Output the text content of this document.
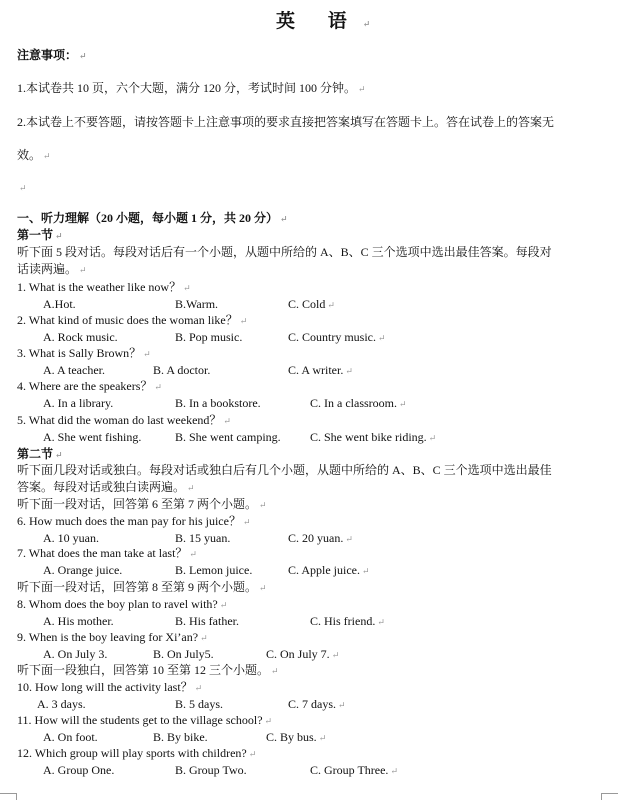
英 语 ↵
注意事项： ↵
1.本试卷共 10 页，六个大题，满分 120 分，考试时间 100 分钟。 ↵
2.本试卷上不要答题，请按答题卡上注意事项的要求直接把答案填写在答题卡上。答在试卷上的答案无
效。 ↵
↵
一、听力理解（20 小题，每小题 1 分，共 20 分） ↵
第一节 ↵
听下面 5 段对话。每段对话后有一个小题，从题中所给的 A、B、C 三个选项中选出最佳答案。每段对
话读两遍。 ↵
1. What is the weather like now？ ↵
A.Hot.	B.Warm.	C. Cold ↵
2. What kind of music does the woman like？ ↵
A. Rock music.	B. Pop music.	C. Country music. ↵
3. What is Sally Brown？ ↵
A. A teacher.	B. A doctor.	C. A writer. ↵
4. Where are the speakers？ ↵
A. In a library.	B. In a bookstore.	C. In a classroom. ↵
5. What did the woman do last weekend？ ↵
A. She went fishing.	B. She went camping. C. She went bike riding. ↵
6. How much does the man pay for his juice？ ↵
A. 10 yuan.	B. 15 yuan.	C. 20 yuan. ↵
7. What does the man take at last？ ↵
A. Orange juice.	B. Lemon juice.	C. Apple juice. ↵
8. Whom does the boy plan to ravel with? ↵
A. His mother.	B. His father.	C. His friend. ↵
9. When is the boy leaving for Xi’an? ↵
A. On July 3.	B. On July5.	C. On July 7. ↵
10. How long will the activity last？ ↵
A. 3 days.	B. 5 days.	C. 7 days. ↵
11. How will the students get to the village school? ↵
A. On foot.	B. By bike.	C. By bus. ↵
12. Which group will play sports with children? ↵
A. Group One.	B. Group Two.	C. Group Three. ↵
第二节 ↵
听下面几段对话或独白。每段对话或独白后有几个小题，从题中所给的 A、B、C 三个选项中选出最佳
答案。每段对话或独白读两遍。 ↵
听下面一段对话，回答第 6 至第 7 两个小题。 ↵
听下面一段对话，回答第 8 至第 9 两个小题。 ↵
听下面一段独白，回答第 10 至第 12 三个小题。 ↵
